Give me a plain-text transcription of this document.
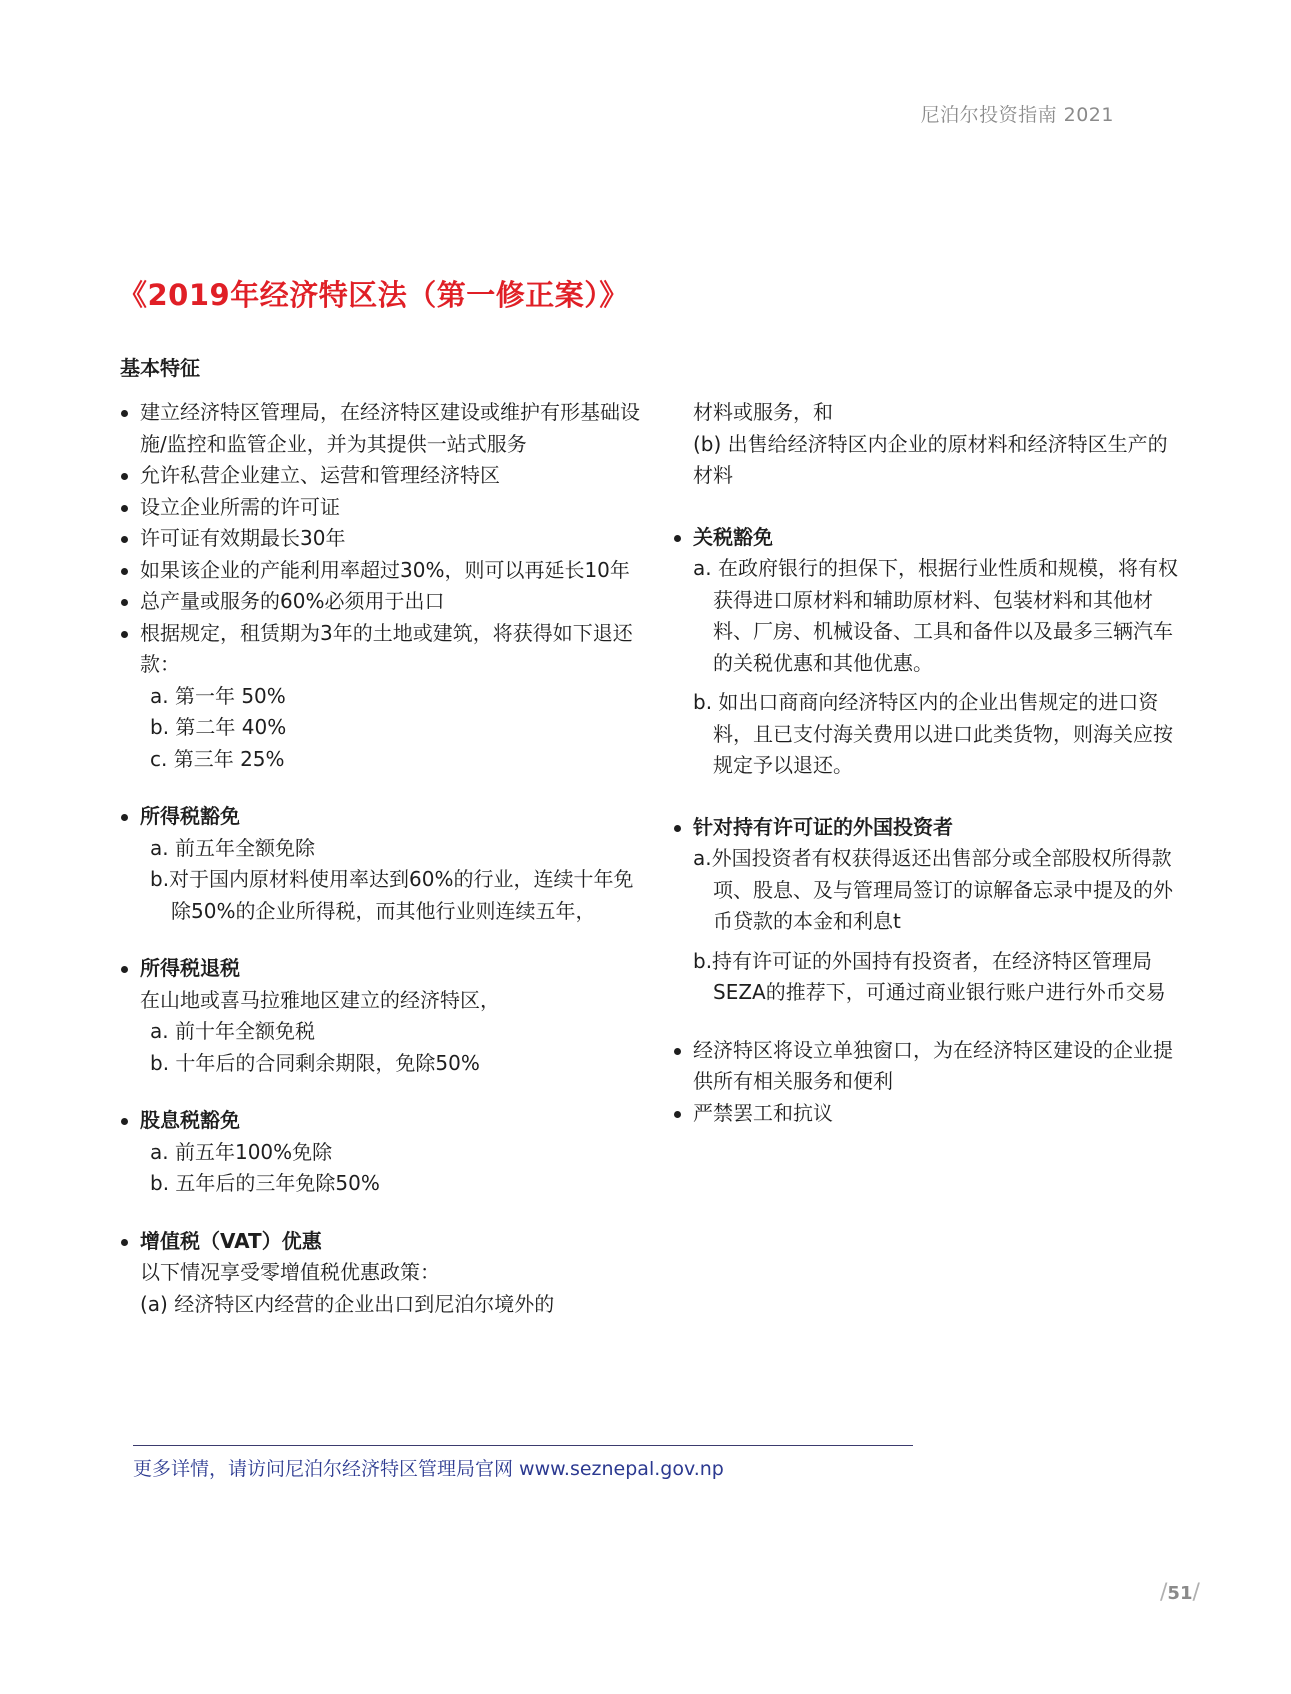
尼泊尔投资指南 2021
《2019年经济特区法（第一修正案）》
基本特征
建立经济特区管理局，在经济特区建设或维护有形基础设施/监控和监管企业，并为其提供一站式服务
允许私营企业建立、运营和管理经济特区
设立企业所需的许可证
许可证有效期最长30年
如果该企业的产能利用率超过30%，则可以再延长10年
总产量或服务的60%必须用于出口
根据规定，租赁期为3年的土地或建筑，将获得如下退还款：
a. 第一年 50%
b. 第二年 40%
c. 第三年 25%
所得税豁免
a. 前五年全额免除
b.对于国内原材料使用率达到60%的行业，连续十年免除50%的企业所得税，而其他行业则连续五年，
所得税退税
在山地或喜马拉雅地区建立的经济特区，
a. 前十年全额免税
b. 十年后的合同剩余期限，免除50%
股息税豁免
a. 前五年100%免除
b. 五年后的三年免除50%
增值税（VAT）优惠
以下情况享受零增值税优惠政策：
(a) 经济特区内经营的企业出口到尼泊尔境外的
材料或服务，和
(b) 出售给经济特区内企业的原材料和经济特区生产的材料
关税豁免
a. 在政府银行的担保下，根据行业性质和规模，将有权获得进口原材料和辅助原材料、包装材料和其他材料、厂房、机械设备、工具和备件以及最多三辆汽车的关税优惠和其他优惠。
b. 如出口商商向经济特区内的企业出售规定的进口资料，且已支付海关费用以进口此类货物，则海关应按规定予以退还。
针对持有许可证的外国投资者
a.外国投资者有权获得返还出售部分或全部股权所得款项、股息、及与管理局签订的谅解备忘录中提及的外币贷款的本金和利息t
b.持有许可证的外国持有投资者，在经济特区管理局SEZA的推荐下，可通过商业银行账户进行外币交易
经济特区将设立单独窗口，为在经济特区建设的企业提供所有相关服务和便利
严禁罢工和抗议
更多详情，请访问尼泊尔经济特区管理局官网 www.seznepal.gov.np
/51/
